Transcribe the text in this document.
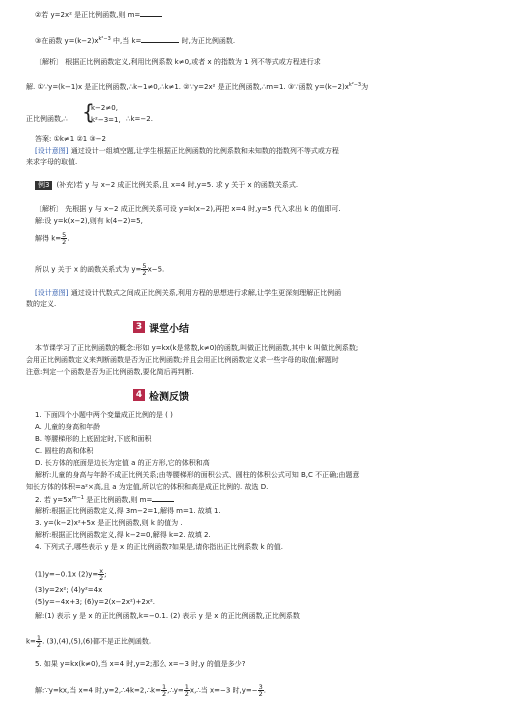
②若 y=2x² 是正比例函数,则 m=
③在函数 $y=(k-2)x^{k^2-3}$ 中,当 k=	时,为正比例函数.
〔解析〕 根据正比例函数定义,利用比例系数 k≠0,或者 x 的指数为 1 列不等式或方程进行求
解. ①∵y=(k−1)x 是正比例函数,∴k−1≠0,∴k≠1. ②∵y=2x² 是正比例函数,∴m=1. ③∵函数 $y=(k-2)x^{k^2-3}$为
正比例函数,∴ {
k−2≠0,
k²−3=1, ∴k=−2.
答案: ①k≠1 ②1 ③−2
[设计意图] 通过设计一组填空题,让学生根据正比例函数的比例系数和未知数的指数列不等式或方程
来求字母的取值.
例3 (补充)若 y 与 x−2 成正比例关系,且 x=4 时,y=5. 求 y 关于 x 的函数关系式.
〔解析〕 先根据 y 与 x−2 成正比例关系可设 y=k(x−2),再把 x=4 时,y=5 代入求出 k 的值即可.
解:设 y=k(x−2),则有 k(4−2)=5,
解得 $k= \frac{5}{2}$ .
所以 y 关于 x 的函数关系式为 $y= \frac{5}{2} x-5$.
[设计意图] 通过设计代数式之间成正比例关系,利用方程的思想进行求解,让学生更深刻理解正比例函
数的定义.
3 课堂小结
本节课学习了正比例函数的概念:形如 y=kx(k是常数,k≠0)的函数,叫做正比例函数,其中 k 叫做比例系数;
会用正比例函数定义来判断函数是否为正比例函数;并且会用正比例函数定义求一些字母的取值;解题时
注意:判定一个函数是否为正比例函数,要化简后再判断.
4 检测反馈
1. 下面四个小题中两个变量成正比例的是 ( )
A. 儿童的身高和年龄
B. 等腰梯形的上底固定时,下底和面积
C. 圆柱的高和体积
D. 长方体的底面是边长为定值 a 的正方形,它的体积和高
解析:儿童的身高与年龄不成正比例关系;由等腰梯形的面积公式、圆柱的体积公式可知 B,C 不正确;由题意
知长方体的体积=a²×高,且 a 为定值,所以它的体积和高是成正比例的. 故选 D.
2. 若 $y=5x^{m-1}$ 是正比例函数,则 m=
解析:根据正比例函数定义,得 3m−2=1,解得 m=1. 故填 1.
3. y=(k−2)x²+5x 是正比例函数,则 k 的值为 .
解析:根据正比例函数定义,得 k−2=0,解得 k=2. 故填 2.
4. 下列式子,哪些表示 y 是 x 的正比例函数?如果是,请你指出正比例系数 k 的值.
(1)y=−0.1x $(2)y= \frac{x}{2}$ ;
(3)y=2x²; (4)y²=4x
(5)y=−4x+3; (6)y=2(x−2x²)+2x².
解:(1) 表示 y 是 x 的正比例函数,k=−0.1. (2) 表示 y 是 x 的正比例函数,正比例系数
$k= \frac{1}{2}$ . (3),(4),(5),(6)都不是正比例函数.
5. 如果 y=kx(k≠0),当 x=4 时,y=2;那么 x=−3 时,y 的值是多少?
解:∵y=kx,当 x=4 时,y=2,∴4k=2,∴k= $\frac{1}{2}$ ,∴y= $\frac{1}{2}$ x,∴当 x=−3 时$,y=- \frac{3}{2}$ .
